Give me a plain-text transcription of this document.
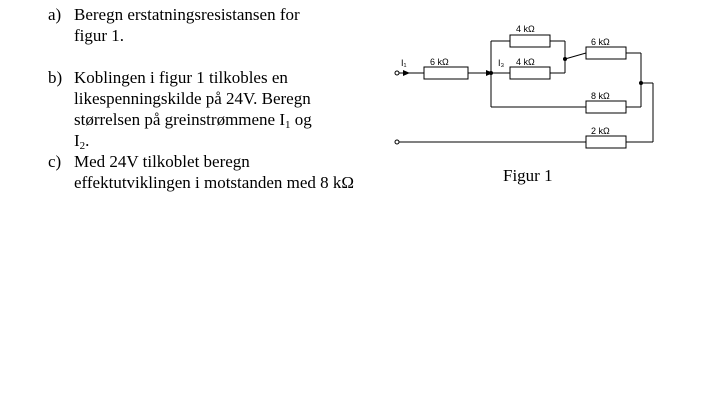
a) Beregn erstatningsresistansen for
figur 1.
b) Koblingen i figur 1 tilkobles en
likespenningskilde på 24V. Beregn
størrelsen på greinstrømmene $I_1$ og
$I_2$.
c) Med 24V tilkoblet beregn
effektutviklingen i motstanden med 8 kΩ
I₁	I₃
6 kΩ
4 kΩ
4 kΩ
6 kΩ
8 kΩ
2 kΩ
Figur 1
